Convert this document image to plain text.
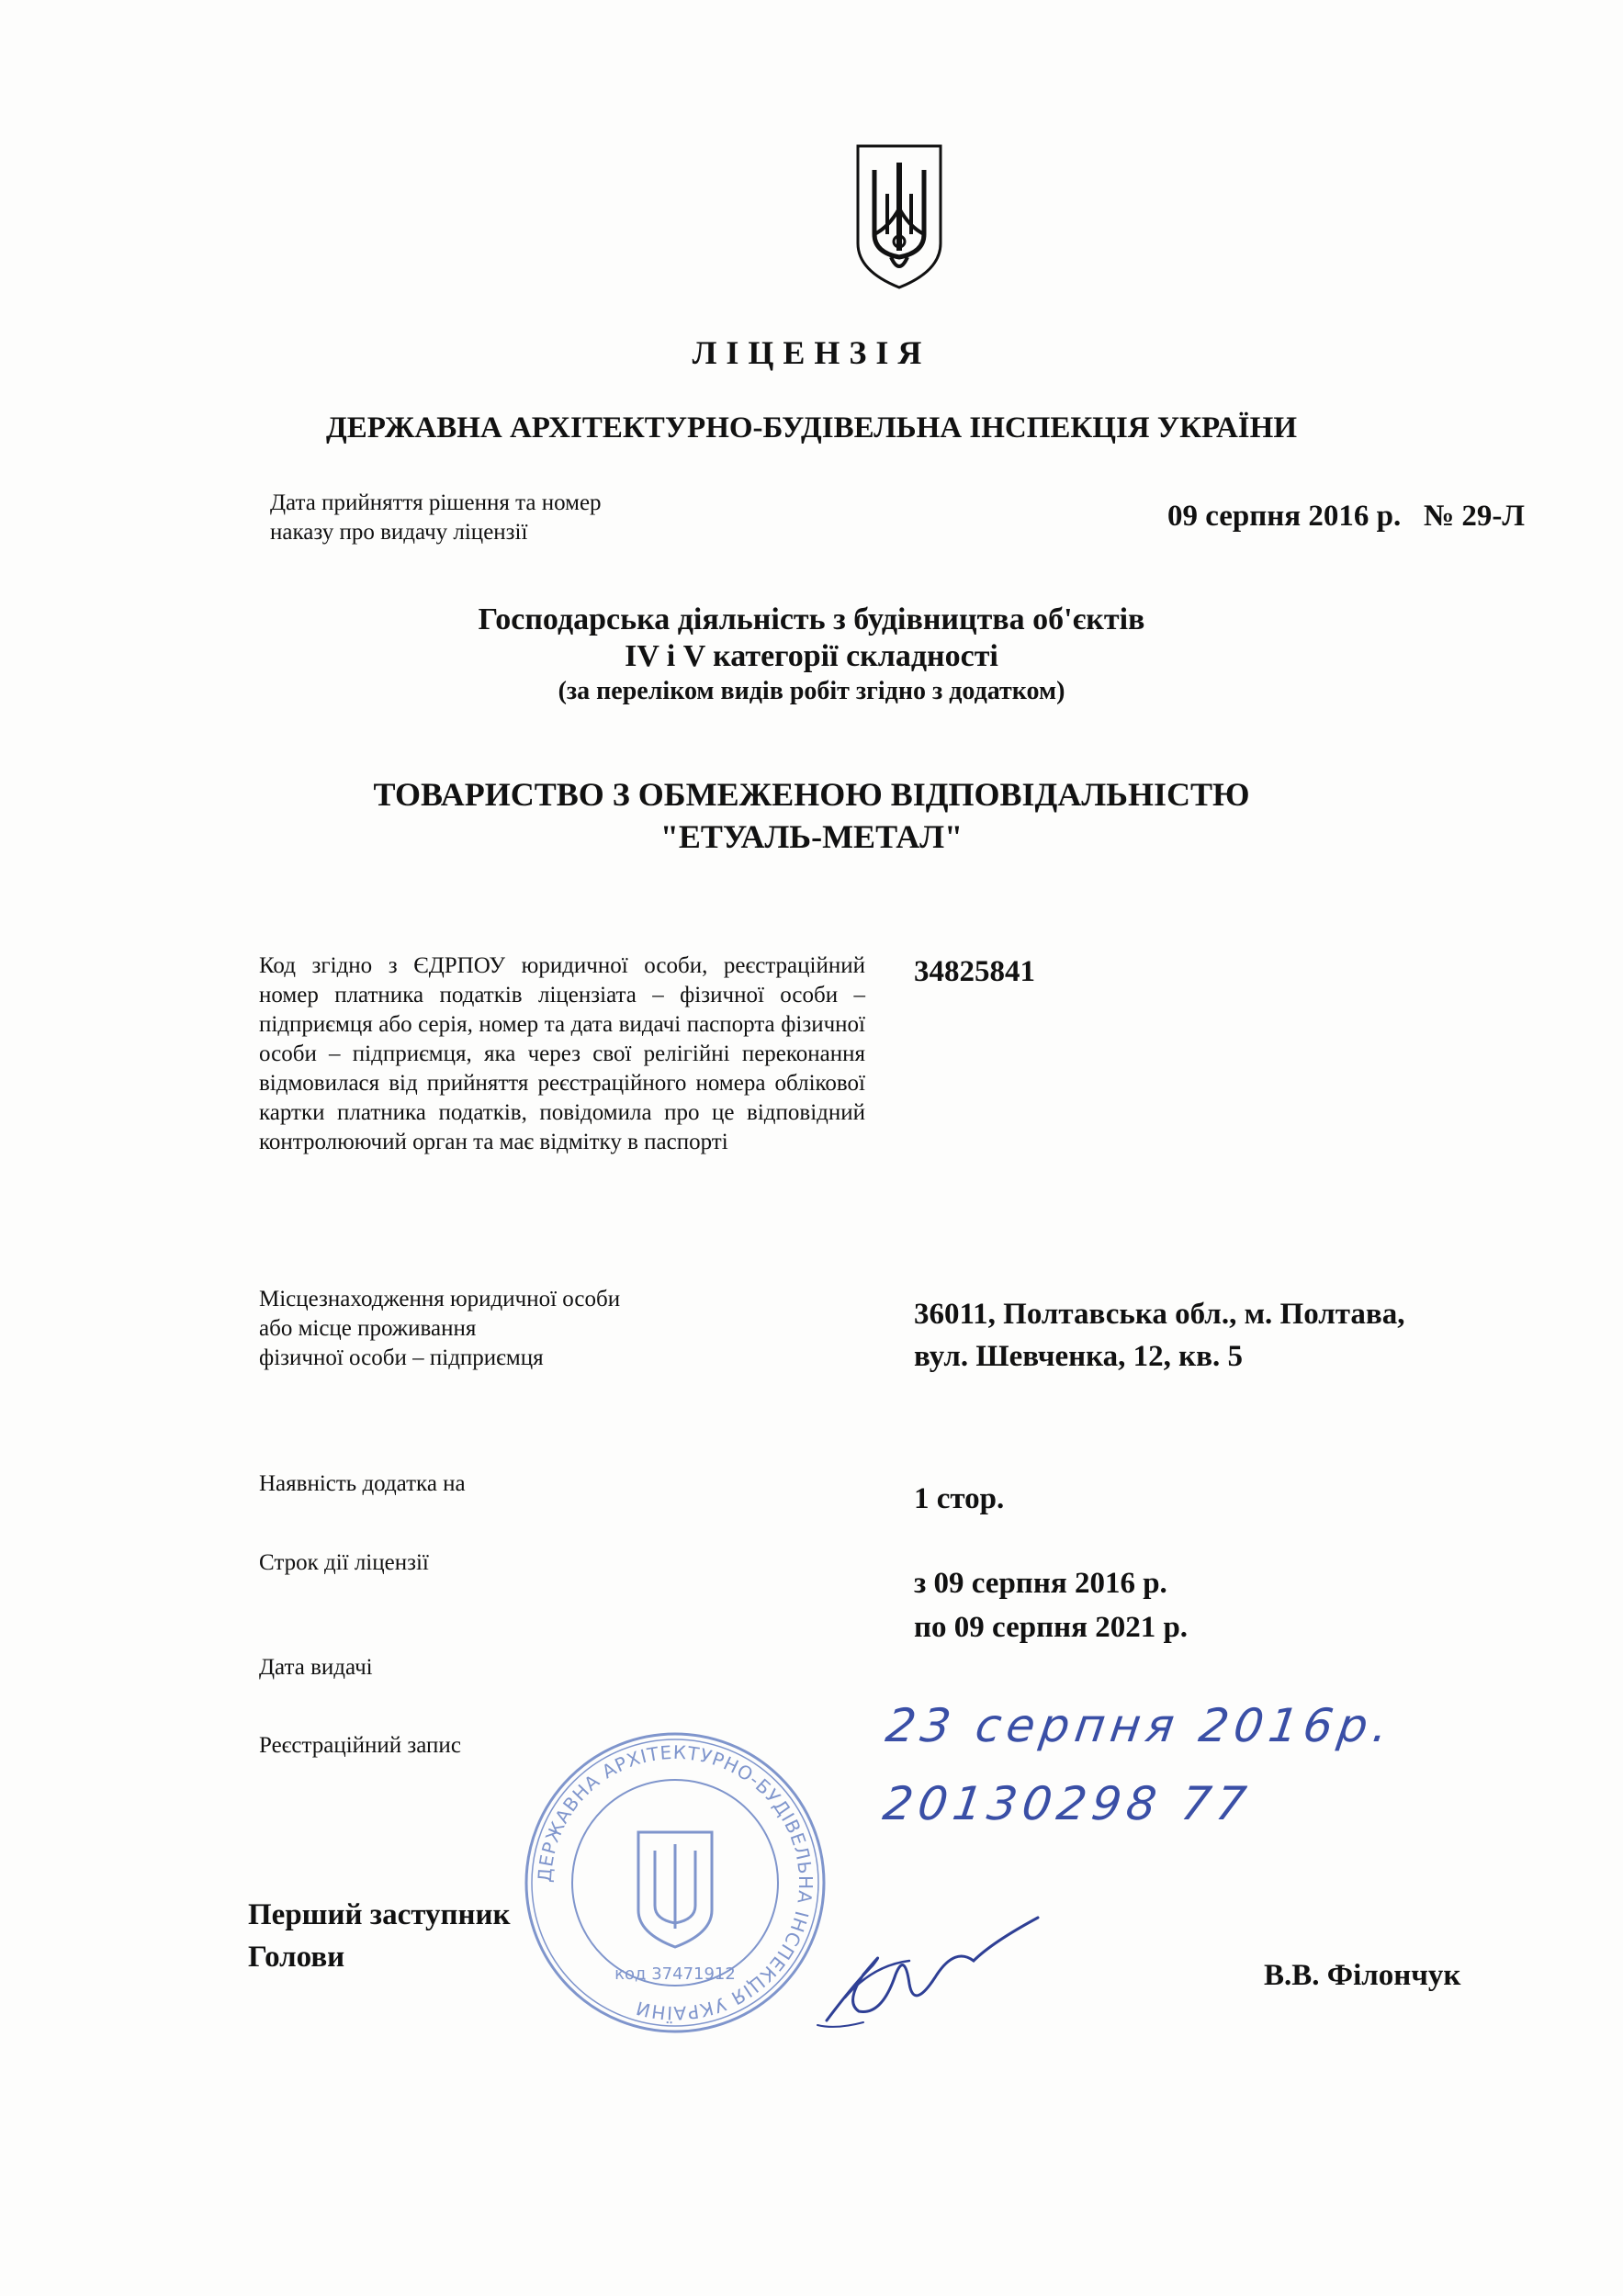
ЛІЦЕНЗІЯ
ДЕРЖАВНА АРХІТЕКТУРНО-БУДІВЕЛЬНА ІНСПЕКЦІЯ УКРАЇНИ
Дата прийняття рішення та номер
наказу про видачу ліцензії	09 серпня 2016 р.   № 29-Л
Господарська діяльність з будівництва об'єктів
IV і V категорії складності
(за переліком видів робіт згідно з додатком)
ТОВАРИСТВО З ОБМЕЖЕНОЮ ВІДПОВІДАЛЬНІСТЮ
"ЕТУАЛЬ-МЕТАЛ"
Код згідно з ЄДРПОУ юридичної особи, реєстраційний номер платника податків ліцензіата – фізичної особи – підприємця або серія, номер та дата видачі паспорта фізичної особи – підприємця, яка через свої релігійні переконання відмовилася від прийняття реєстраційного номера облікової картки платника податків, повідомила про це відповідний контролюючий орган та має відмітку в паспорті
34825841
Місцезнаходження юридичної особи
або місце проживання
фізичної особи – підприємця
36011, Полтавська обл., м. Полтава,
вул. Шевченка, 12, кв. 5
Наявність додатка на	1 стор.
Строк дії ліцензії
з 09 серпня 2016 р.
по 09 серпня 2021 р.
Дата видачі
Реєстраційний запис
ДЕРЖАВНА АРХІТЕКТУРНО-БУДІВЕЛЬНА ІНСПЕКЦІЯ УКРАЇНИ
код 37471912
23 серпня 2016р.
20130298 77
Перший заступник
Голови
В.В. Філончук
